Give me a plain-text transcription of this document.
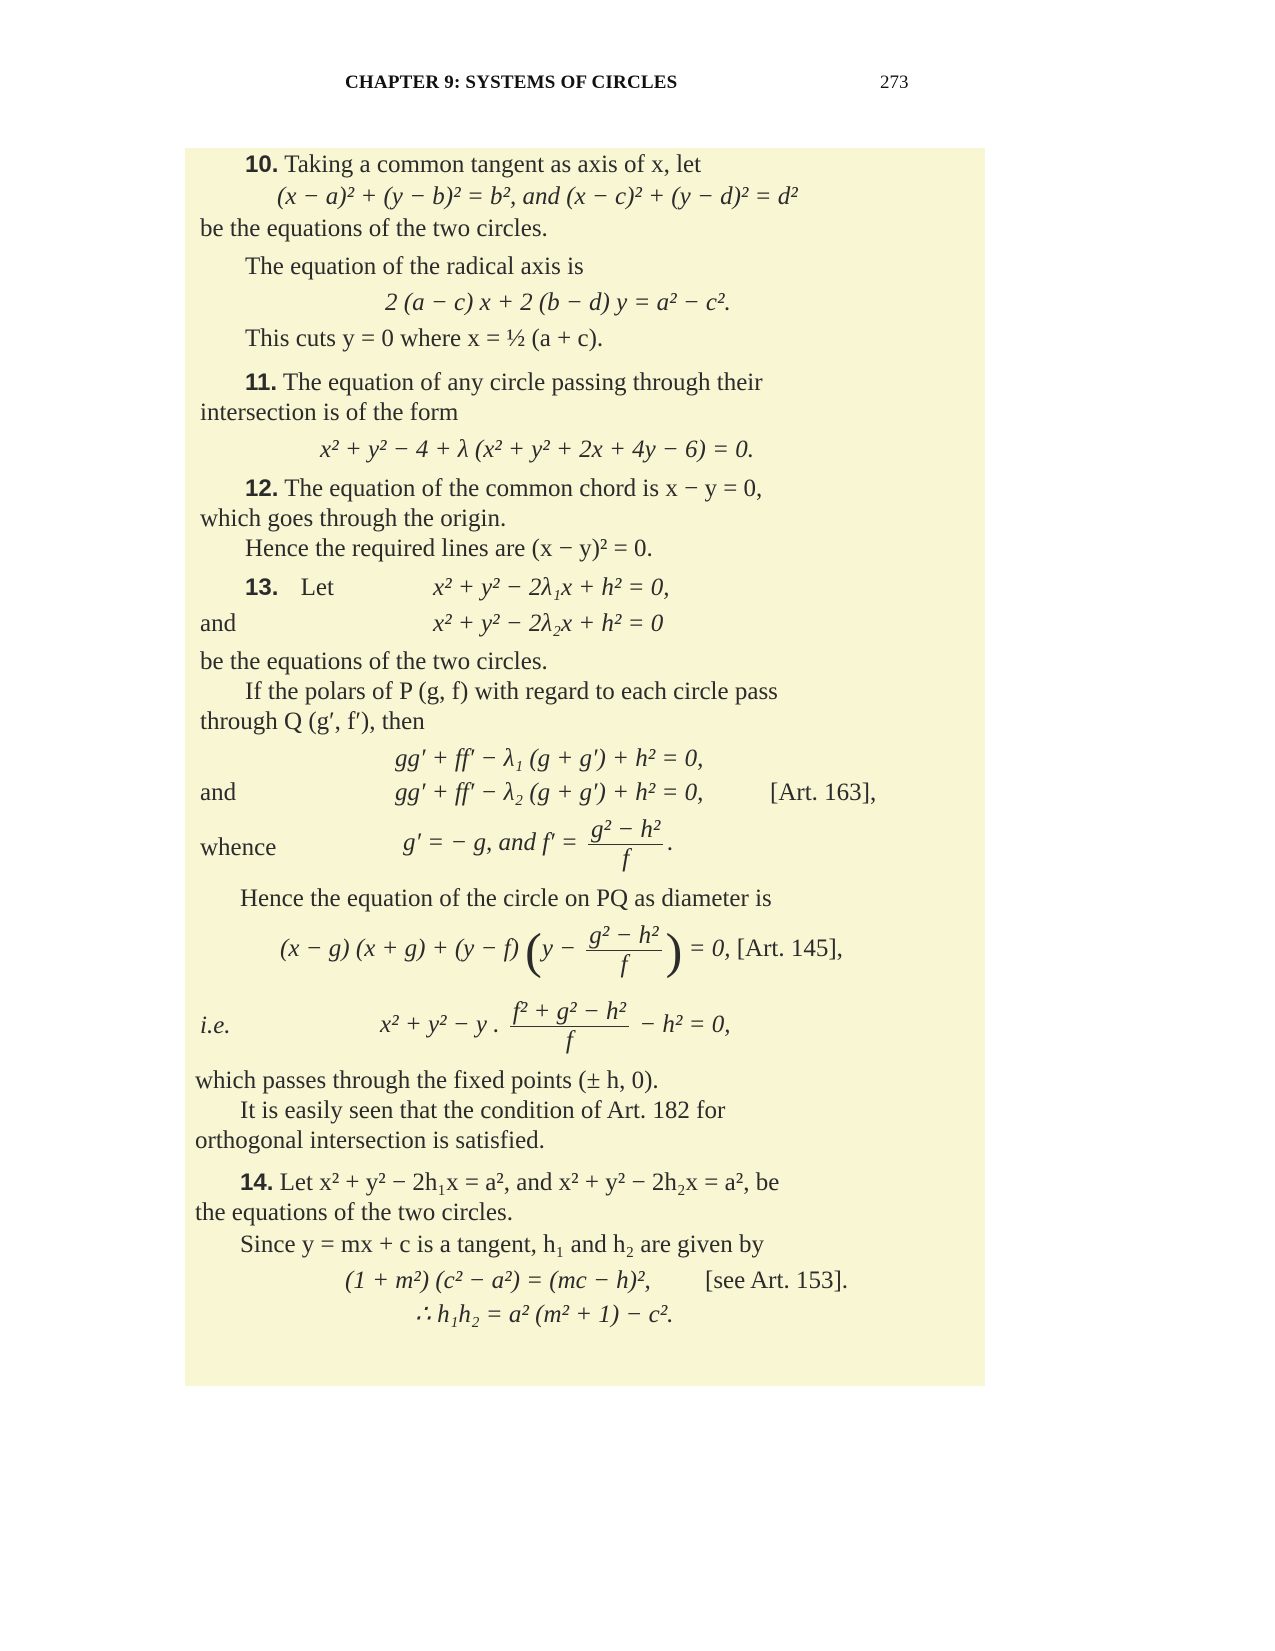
CHAPTER 9: SYSTEMS OF CIRCLES	273

10. Taking a common tangent as axis of x, let

(x − a)² + (y − b)² = b², and (x − c)² + (y − d)² = d²

be the equations of the two circles.

The equation of the radical axis is

2 (a − c) x + 2 (b − d) y = a² − c².

This cuts y = 0 where x = ½ (a + c).

11. The equation of any circle passing through their

intersection is of the form

x² + y² − 4 + λ (x² + y² + 2x + 4y − 6) = 0.

12. The equation of the common chord is x − y = 0,

which goes through the origin.

Hence the required lines are (x − y)² = 0.

13. Let	x² + y² − 2λ₁x + h² = 0,

and	x² + y² − 2λ₂x + h² = 0

be the equations of the two circles.

If the polars of P (g, f) with regard to each circle pass

through Q (g′, f′), then

gg′ + ff′ − λ₁ (g + g′) + h² = 0,

and	gg′ + ff′ − λ₂ (g + g′) + h² = 0,	[Art. 163],

whence	g′ = − g, and $f' = \frac{\text{g² − h²}}{f}$ .

Hence the equation of the circle on PQ as diameter is

(x − g) (x + g) + (y − f) ($y - \frac{\text{g² − h²}}{f}$ ) = 0, [Art. 145],

i.e.	x² + y² − y . $\frac{\text{f² + g² − h²}}{f} - h^2 = 0$,

which passes through the fixed points (± h, 0).

It is easily seen that the condition of Art. 182 for

orthogonal intersection is satisfied.

14. Let x² + y² − 2h₁x = a², and x² + y² − 2h₂x = a², be

the equations of the two circles.

Since y = mx + c is a tangent, h₁ and h₂ are given by

(1 + m²) (c² − a²) = (mc − h)², [see Art. 153].

∴ h₁h₂ = a² (m² + 1) − c².
